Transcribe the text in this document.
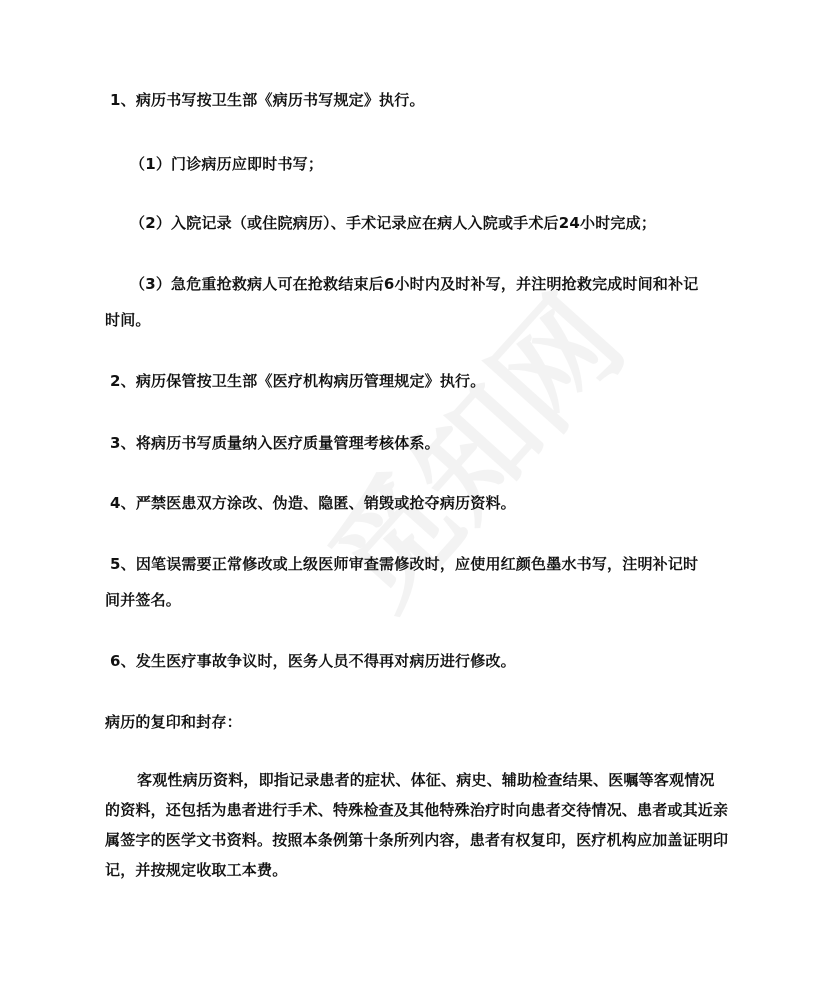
1、病历书写按卫生部《病历书写规定》执行。

（1）门诊病历应即时书写；

（2）入院记录（或住院病历）、手术记录应在病人入院或手术后24小时完成；

（3）急危重抢救病人可在抢救结束后6小时内及时补写，并注明抢救完成时间和补记

时间。

2、病历保管按卫生部《医疗机构病历管理规定》执行。

3、将病历书写质量纳入医疗质量管理考核体系。

4、严禁医患双方涂改、伪造、隐匿、销毁或抢夺病历资料。

5、因笔误需要正常修改或上级医师审查需修改时，应使用红颜色墨水书写，注明补记时

间并签名。

6、发生医疗事故争议时，医务人员不得再对病历进行修改。

病历的复印和封存：

客观性病历资料，即指记录患者的症状、体征、病史、辅助检查结果、医嘱等客观情况的资料，还包括为患者进行手术、特殊检查及其他特殊治疗时向患者交待情况、患者或其近亲属签字的医学文书资料。按照本条例第十条所列内容，患者有权复印，医疗机构应加盖证明印记，并按规定收取工本费。
